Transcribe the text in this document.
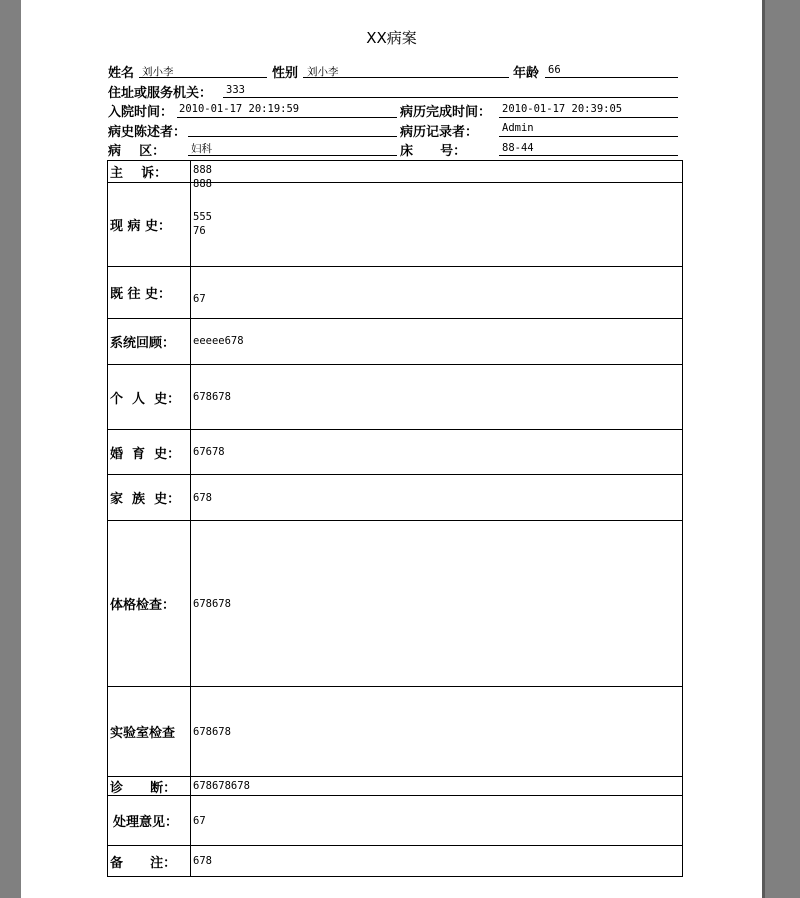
XX病案
姓名 刘小李	性别 刘小李	年龄 66
住址或服务机关： 333
入院时间： 2010-01-17 20:19:59	病历完成时间： 2010-01-17 20:39:05
病史陈述者：	病历记录者： Admin
病    区： 妇科	床      号：	88-44
主    诉：	888
888
现 病 史：
555
76
既 往 史：	67
系统回顾：	eeeee678
个  人  史：	678678
婚  育  史：	67678
家  族  史：	678
体格检查：	678678
实验室检查	678678
诊      断：	678678678
处理意见：	67
备      注：	678
